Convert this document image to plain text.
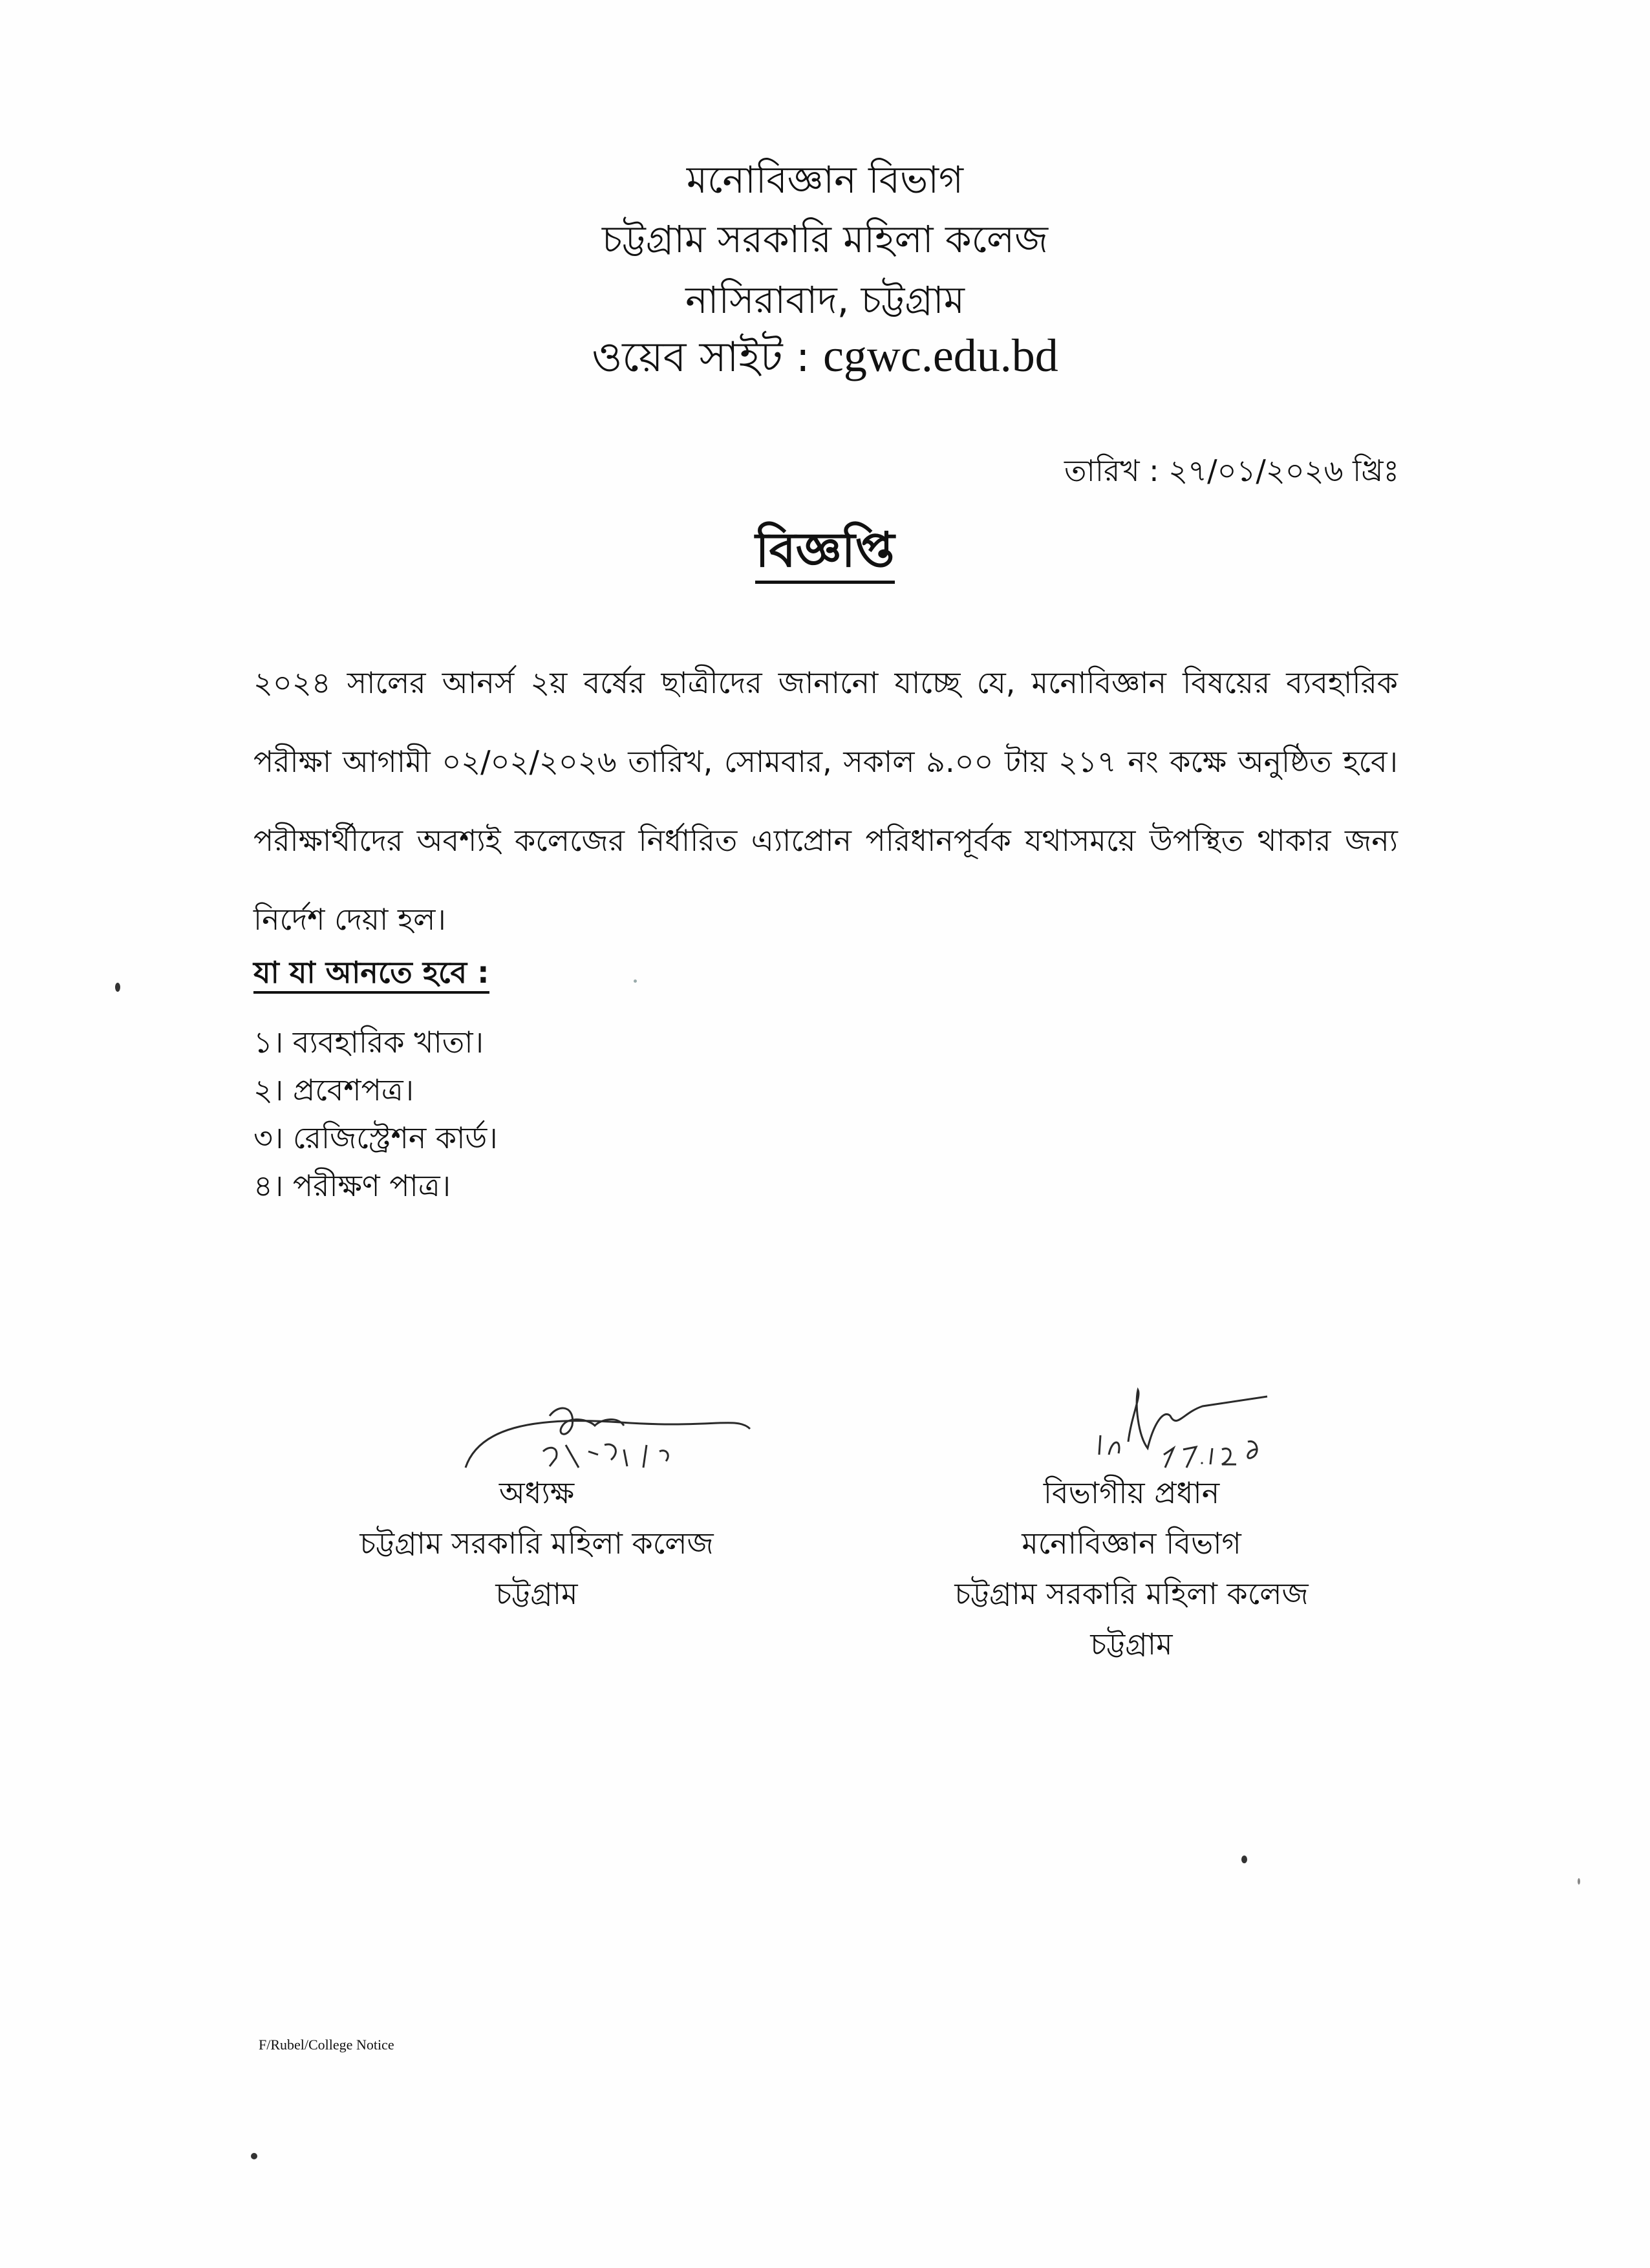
মনোবিজ্ঞান বিভাগ
চট্টগ্রাম সরকারি মহিলা কলেজ
নাসিরাবাদ, চট্টগ্রাম
ওয়েব সাইট : cgwc.edu.bd
তারিখ : ২৭/০১/২০২৬ খ্রিঃ
বিজ্ঞপ্তি
২০২৪ সালের আনর্স ২য় বর্ষের ছাত্রীদের জানানো যাচ্ছে যে, মনোবিজ্ঞান বিষয়ের ব্যবহারিক পরীক্ষা আগামী ০২/০২/২০২৬ তারিখ, সোমবার, সকাল ৯.০০ টায় ২১৭ নং কক্ষে অনুষ্ঠিত হবে। পরীক্ষার্থীদের অবশ্যই কলেজের নির্ধারিত এ্যাপ্রোন পরিধানপূর্বক যথাসময়ে উপস্থিত থাকার জন্য নির্দেশ দেয়া হল।
যা যা আনতে হবে :
১। ব্যবহারিক খাতা।
২। প্রবেশপত্র।
৩। রেজিস্ট্রেশন কার্ড।
৪। পরীক্ষণ পাত্র।
অধ্যক্ষ
চট্টগ্রাম সরকারি মহিলা কলেজ
চট্টগ্রাম
বিভাগীয় প্রধান
মনোবিজ্ঞান বিভাগ
চট্টগ্রাম সরকারি মহিলা কলেজ
চট্টগ্রাম
F/Rubel/College Notice
